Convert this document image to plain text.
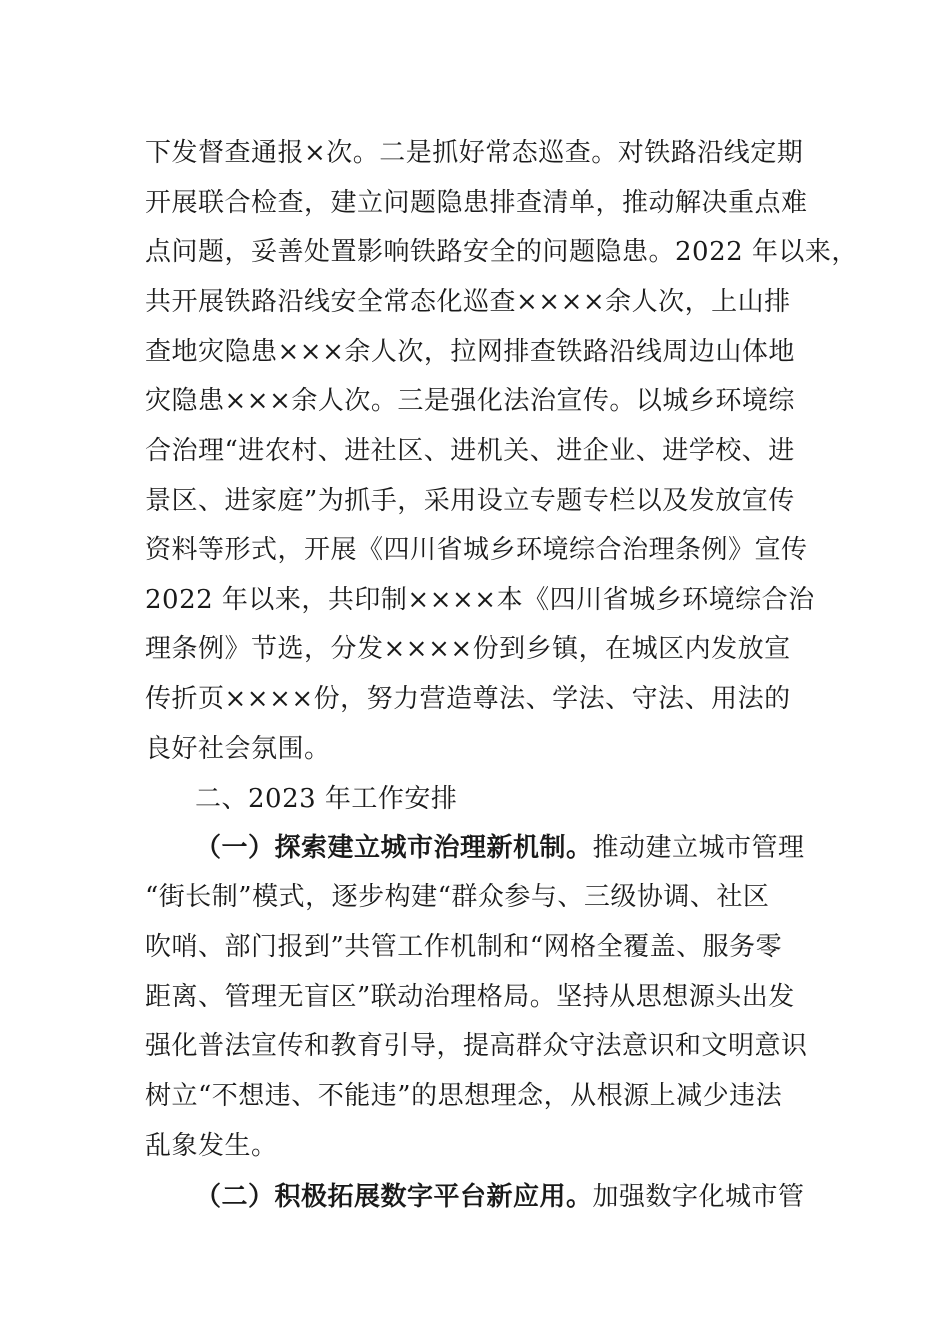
下发督查通报×次。二是抓好常态巡查。对铁路沿线定期
开展联合检查，建立问题隐患排查清单，推动解决重点难
点问题，妥善处置影响铁路安全的问题隐患。2022 年以来，
共开展铁路沿线安全常态化巡查××××余人次，上山排
查地灾隐患×××余人次，拉网排查铁路沿线周边山体地
灾隐患×××余人次。三是强化法治宣传。以城乡环境综
合治理“进农村、进社区、进机关、进企业、进学校、进
景区、进家庭”为抓手，采用设立专题专栏以及发放宣传
资料等形式，开展《四川省城乡环境综合治理条例》宣传
2022 年以来，共印制××××本《四川省城乡环境综合治
理条例》节选，分发××××份到乡镇，在城区内发放宣
传折页××××份，努力营造尊法、学法、守法、用法的
良好社会氛围。
二、2023 年工作安排
（一）探索建立城市治理新机制。推动建立城市管理
“街长制”模式，逐步构建“群众参与、三级协调、社区
吹哨、部门报到”共管工作机制和“网格全覆盖、服务零
距离、管理无盲区”联动治理格局。坚持从思想源头出发
强化普法宣传和教育引导，提高群众守法意识和文明意识
树立“不想违、不能违”的思想理念，从根源上减少违法
乱象发生。
（二）积极拓展数字平台新应用。加强数字化城市管
